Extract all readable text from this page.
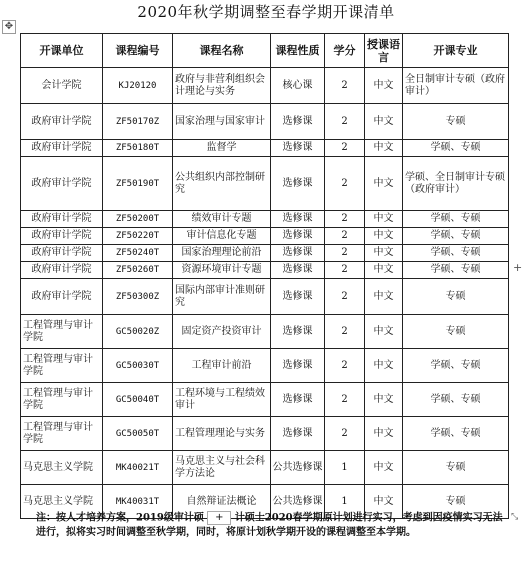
2020年秋学期调整至春学期开课清单
✥
开课单位	课程编号	课程名称	课程性质	学分	授课语言	开课专业
会计学院	KJ20120	政府与非营利组织会计理论与实务	核心课	2	中文	全日制审计专硕（政府审计）
政府审计学院	ZF50170Z	国家治理与国家审计	选修课	2	中文	专硕
政府审计学院	ZF50180T	监督学	选修课	2	中文	学硕、专硕
政府审计学院	ZF50190T	公共组织内部控制研究	选修课	2	中文	学硕、全日制审计专硕（政府审计）
政府审计学院	ZF50200T	绩效审计专题	选修课	2	中文	学硕、专硕
政府审计学院	ZF50220T	审计信息化专题	选修课	2	中文	学硕、专硕
政府审计学院	ZF50240T	国家治理理论前沿	选修课	2	中文	学硕、专硕
政府审计学院	ZF50260T	资源环境审计专题	选修课	2	中文	学硕、专硕
政府审计学院	ZF50300Z	国际内部审计准则研究	选修课	2	中文	专硕
工程管理与审计学院	GC50020Z	固定资产投资审计	选修课	2	中文	专硕
工程管理与审计学院	GC50030T	工程审计前沿	选修课	2	中文	学硕、专硕
工程管理与审计学院	GC50040T	工程环境与工程绩效审计	选修课	2	中文	学硕、专硕
工程管理与审计学院	GC50050T	工程管理理论与实务	选修课	2	中文	学硕、专硕
马克思主义学院	MK40021T	马克思主义与社会科学方法论	公共选修课	1	中文	专硕
马克思主义学院	MK40031T	自然辩证法概论	公共选修课	1	中文	专硕
+
注：按人才培养方案，2019级审计硕 + 计硕士2020春学期原计划进行实习，考虑到因疫情实习无法进行，拟将实习时间调整至秋学期，同时，将原计划秋学期开设的课程调整至本学期。
⤡
